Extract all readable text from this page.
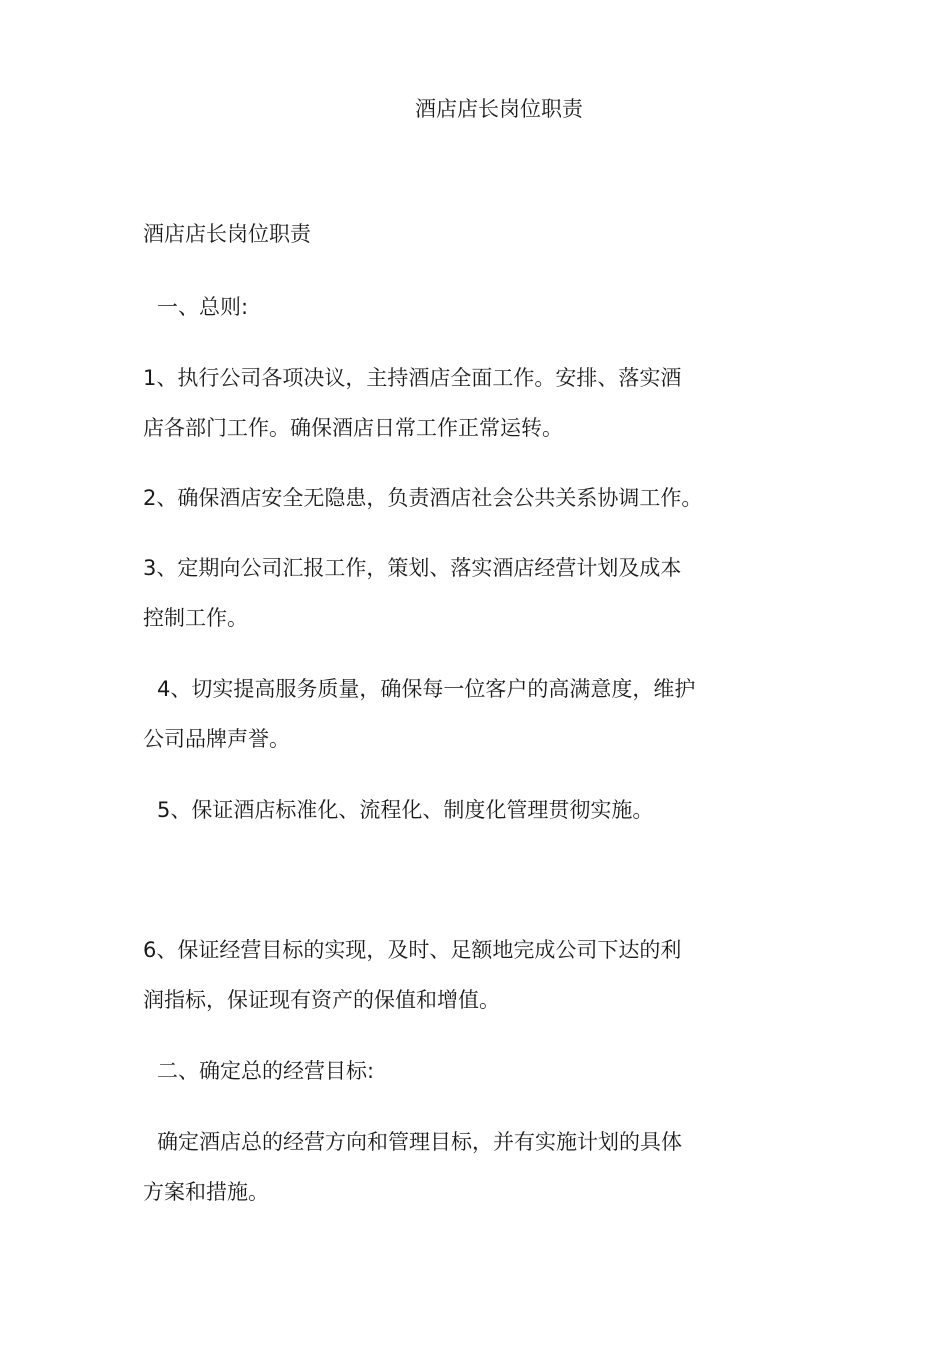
酒店店长岗位职责
酒店店长岗位职责
一、总则:
1、执行公司各项决议，主持酒店全面工作。安排、落实酒
店各部门工作。确保酒店日常工作正常运转。
2、确保酒店安全无隐患，负责酒店社会公共关系协调工作。
3、定期向公司汇报工作，策划、落实酒店经营计划及成本
控制工作。
4、切实提高服务质量，确保每一位客户的高满意度，维护
公司品牌声誉。
5、保证酒店标准化、流程化、制度化管理贯彻实施。
6、保证经营目标的实现，及时、足额地完成公司下达的利
润指标，保证现有资产的保值和增值。
二、确定总的经营目标:
确定酒店总的经营方向和管理目标，并有实施计划的具体
方案和措施。
